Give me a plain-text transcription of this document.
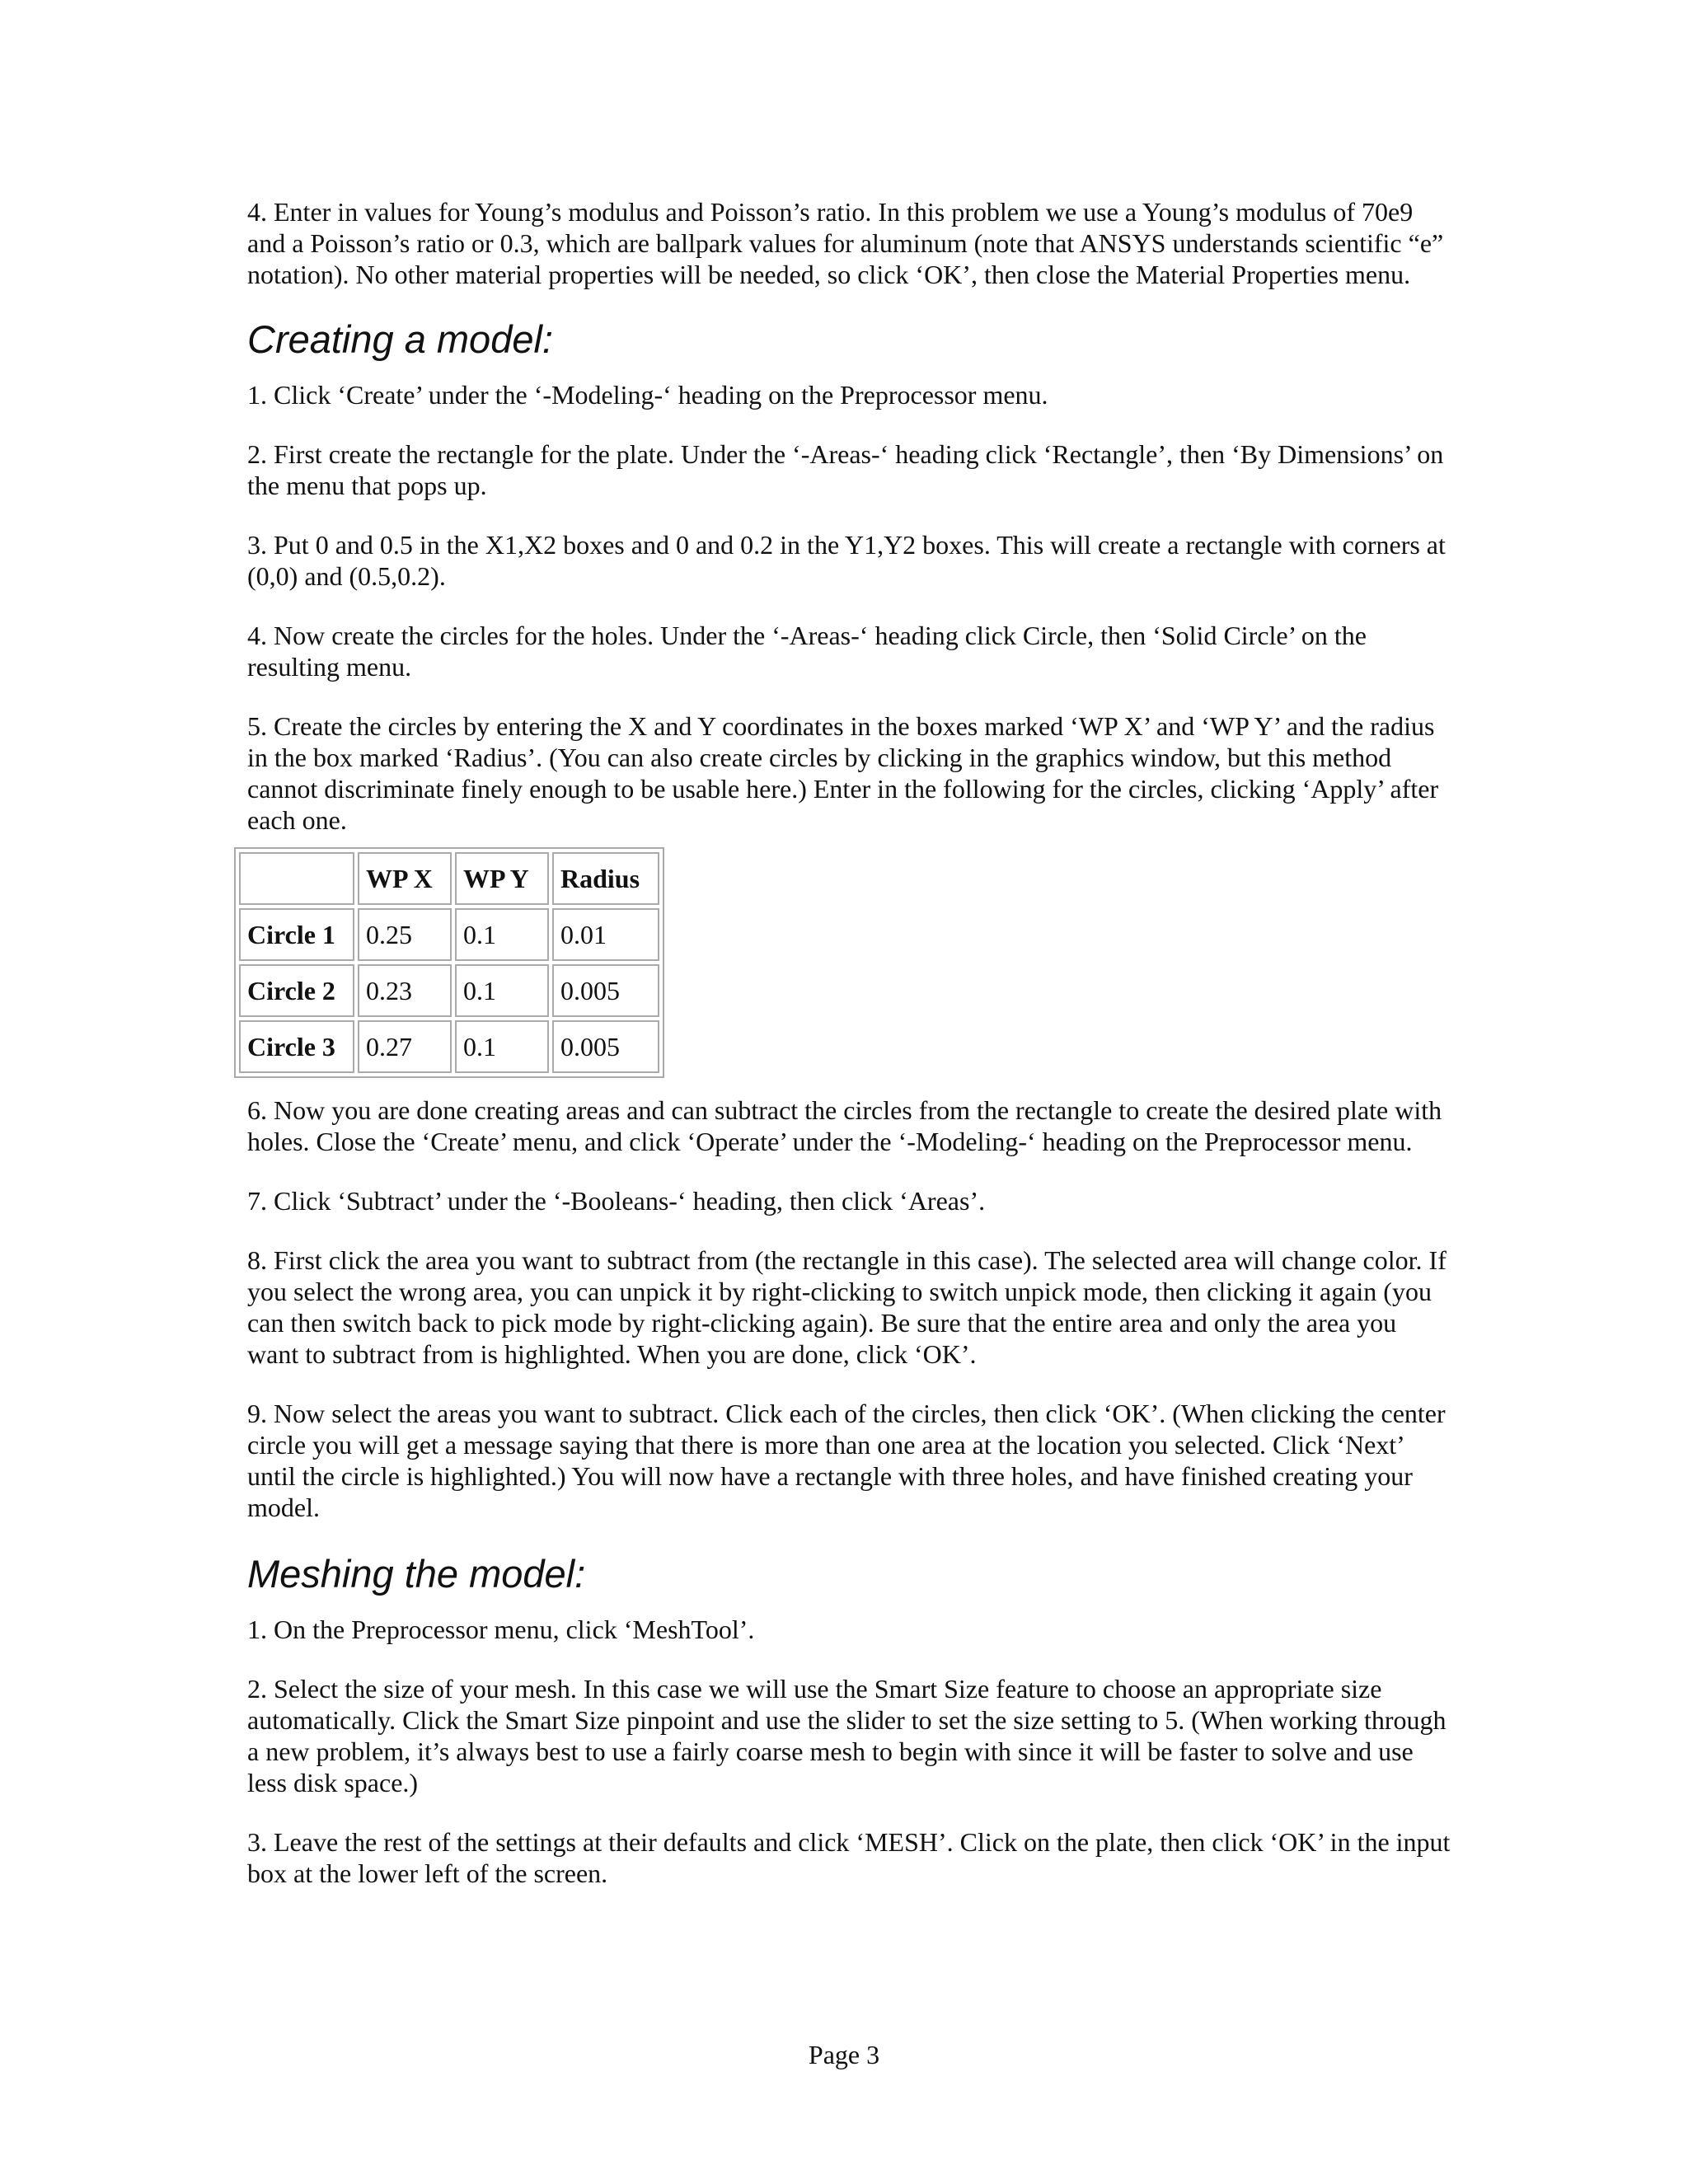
4. Enter in values for Young’s modulus and Poisson’s ratio. In this problem we use a Young’s modulus of 70e9 and a Poisson’s ratio or 0.3, which are ballpark values for aluminum (note that ANSYS understands scientific “e” notation). No other material properties will be needed, so click ‘OK’, then close the Material Properties menu.

Creating a model:

1. Click ‘Create’ under the ‘-Modeling-‘ heading on the Preprocessor menu.

2. First create the rectangle for the plate. Under the ‘-Areas-‘ heading click ‘Rectangle’, then ‘By Dimensions’ on the menu that pops up.

3. Put 0 and 0.5 in the X1,X2 boxes and 0 and 0.2 in the Y1,Y2 boxes. This will create a rectangle with corners at (0,0) and (0.5,0.2).

4. Now create the circles for the holes. Under the ‘-Areas-‘ heading click Circle, then ‘Solid Circle’ on the resulting menu.

5. Create the circles by entering the X and Y coordinates in the boxes marked ‘WP X’ and ‘WP Y’ and the radius in the box marked ‘Radius’. (You can also create circles by clicking in the graphics window, but this method cannot discriminate finely enough to be usable here.) Enter in the following for the circles, clicking ‘Apply’ after each one.

	WP X	WP Y	Radius
Circle 1	0.25	0.1	0.01
Circle 2	0.23	0.1	0.005
Circle 3	0.27	0.1	0.005

6. Now you are done creating areas and can subtract the circles from the rectangle to create the desired plate with holes. Close the ‘Create’ menu, and click ‘Operate’ under the ‘-Modeling-‘ heading on the Preprocessor menu.

7. Click ‘Subtract’ under the ‘-Booleans-‘ heading, then click ‘Areas’.

8. First click the area you want to subtract from (the rectangle in this case). The selected area will change color. If you select the wrong area, you can unpick it by right-clicking to switch unpick mode, then clicking it again (you can then switch back to pick mode by right-clicking again). Be sure that the entire area and only the area you want to subtract from is highlighted. When you are done, click ‘OK’.

9. Now select the areas you want to subtract. Click each of the circles, then click ‘OK’. (When clicking the center circle you will get a message saying that there is more than one area at the location you selected. Click ‘Next’ until the circle is highlighted.) You will now have a rectangle with three holes, and have finished creating your model.

Meshing the model:

1. On the Preprocessor menu, click ‘MeshTool’.

2. Select the size of your mesh. In this case we will use the Smart Size feature to choose an appropriate size automatically. Click the Smart Size pinpoint and use the slider to set the size setting to 5. (When working through a new problem, it’s always best to use a fairly coarse mesh to begin with since it will be faster to solve and use less disk space.)

3. Leave the rest of the settings at their defaults and click ‘MESH’. Click on the plate, then click ‘OK’ in the input box at the lower left of the screen.

Page 3
